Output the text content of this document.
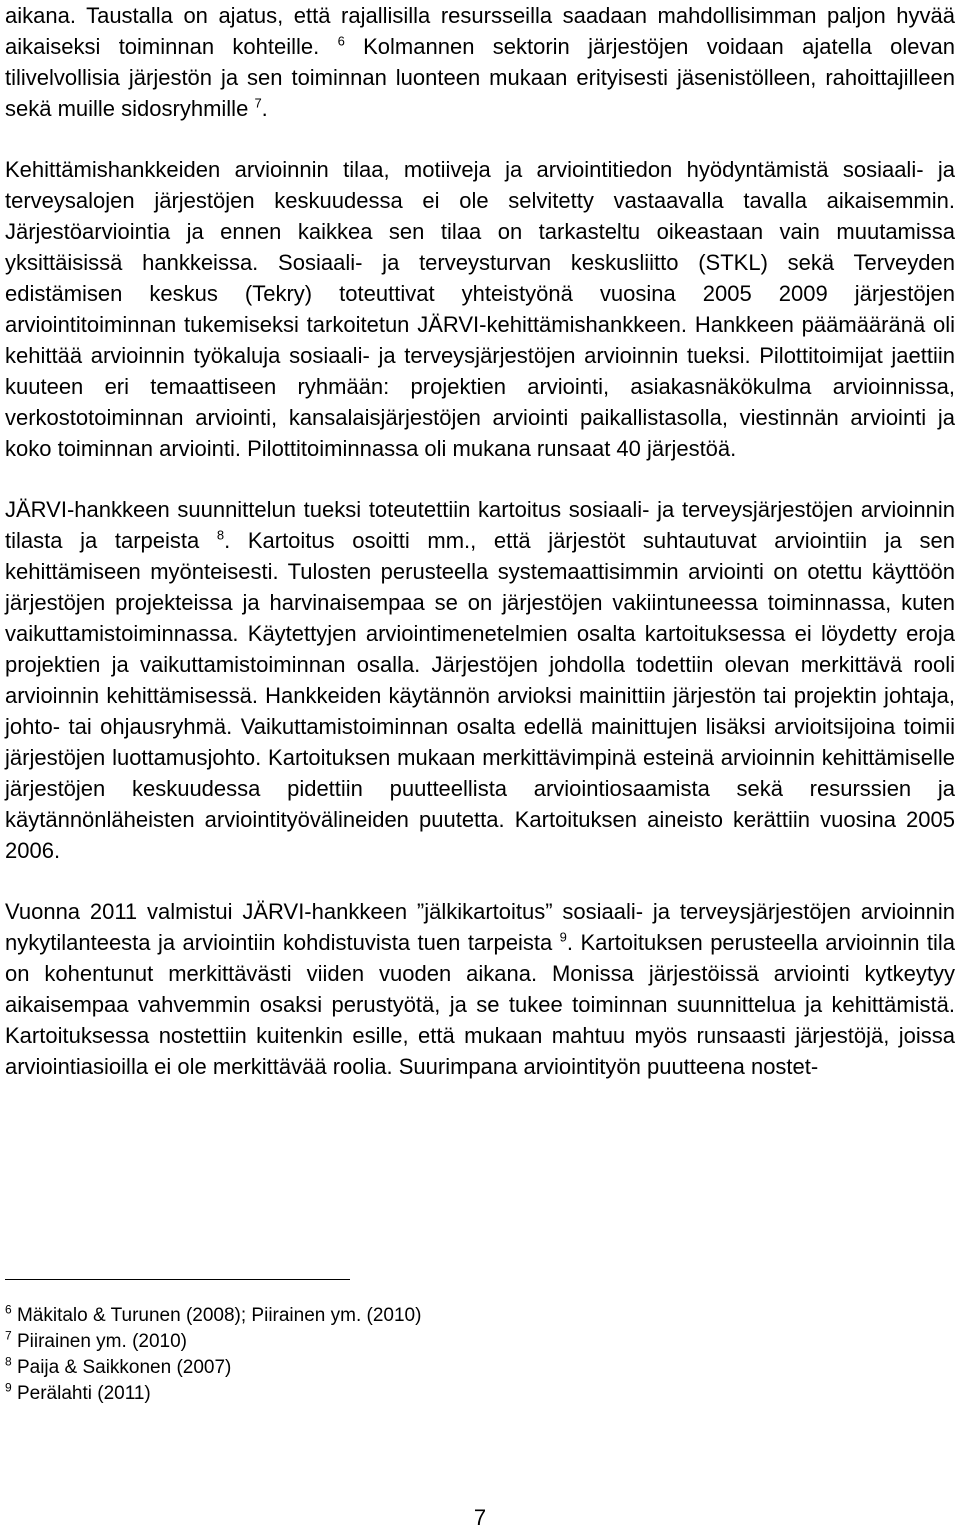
aikana. Taustalla on ajatus, että rajallisilla resursseilla saadaan mahdollisimman paljon hyvää aikaiseksi toiminnan kohteille. $^6$ Kolmannen sektorin järjestöjen voidaan ajatella olevan tilivelvollisia järjestön ja sen toiminnan luonteen mukaan erityisesti jäsenistölleen, rahoittajilleen sekä muille sidosryhmille $^7$.

Kehittämishankkeiden arvioinnin tilaa, motiiveja ja arviointitiedon hyödyntämistä sosiaali- ja terveysalojen järjestöjen keskuudessa ei ole selvitetty vastaavalla tavalla aikaisemmin. Järjestöarviointia ja ennen kaikkea sen tilaa on tarkasteltu oikeastaan vain muutamissa yksittäisissä hankkeissa. Sosiaali- ja terveysturvan keskusliitto (STKL) sekä Terveyden edistämisen keskus (Tekry) toteuttivat yhteistyönä vuosina 2005 2009 järjestöjen arviointitoiminnan tukemiseksi tarkoitetun JÄRVI-kehittämishankkeen. Hankkeen päämääränä oli kehittää arvioinnin työkaluja sosiaali- ja terveysjärjestöjen arvioinnin tueksi. Pilottitoimijat jaettiin kuuteen eri temaattiseen ryhmään: projektien arviointi, asiakasnäkökulma arvioinnissa, verkostotoiminnan arviointi, kansalaisjärjestöjen arviointi paikallistasolla, viestinnän arviointi ja koko toiminnan arviointi. Pilottitoiminnassa oli mukana runsaat 40 järjestöä.

JÄRVI-hankkeen suunnittelun tueksi toteutettiin kartoitus sosiaali- ja terveysjärjestöjen arvioinnin tilasta ja tarpeista $^8$. Kartoitus osoitti mm., että järjestöt suhtautuvat arviointiin ja sen kehittämiseen myönteisesti. Tulosten perusteella systemaattisimmin arviointi on otettu käyttöön järjestöjen projekteissa ja harvinaisempaa se on järjestöjen vakiintuneessa toiminnassa, kuten vaikuttamistoiminnassa. Käytettyjen arviointimenetelmien osalta kartoituksessa ei löydetty eroja projektien ja vaikuttamistoiminnan osalla. Järjestöjen johdolla todettiin olevan merkittävä rooli arvioinnin kehittämisessä. Hankkeiden käytännön arvioksi mainittiin järjestön tai projektin johtaja, johto- tai ohjausryhmä. Vaikuttamistoiminnan osalta edellä mainittujen lisäksi arvioitsijoina toimii järjestöjen luottamusjohto. Kartoituksen mukaan merkittävimpinä esteinä arvioinnin kehittämiselle järjestöjen keskuudessa pidettiin puutteellista arviointiosaamista sekä resurssien ja käytännönläheisten arviointityövälineiden puutetta. Kartoituksen aineisto kerättiin vuosina 2005 2006.

Vuonna 2011 valmistui JÄRVI-hankkeen ”jälkikartoitus” sosiaali- ja terveysjärjestöjen arvioinnin nykytilanteesta ja arviointiin kohdistuvista tuen tarpeista $^9$. Kartoituksen perusteella arvioinnin tila on kohentunut merkittävästi viiden vuoden aikana. Monissa järjestöissä arviointi kytkeytyy aikaisempaa vahvemmin osaksi perustyötä, ja se tukee toiminnan suunnittelua ja kehittämistä. Kartoituksessa nostettiin kuitenkin esille, että mukaan mahtuu myös runsaasti järjestöjä, joissa arviointiasioilla ei ole merkittävää roolia. Suurimpana arviointityön puutteena nostet-

$^6$ Mäkitalo & Turunen (2008); Piirainen ym. (2010)

$^7$ Piirainen ym. (2010)

$^8$ Paija & Saikkonen (2007)

$^9$ Perälahti (2011)

7
